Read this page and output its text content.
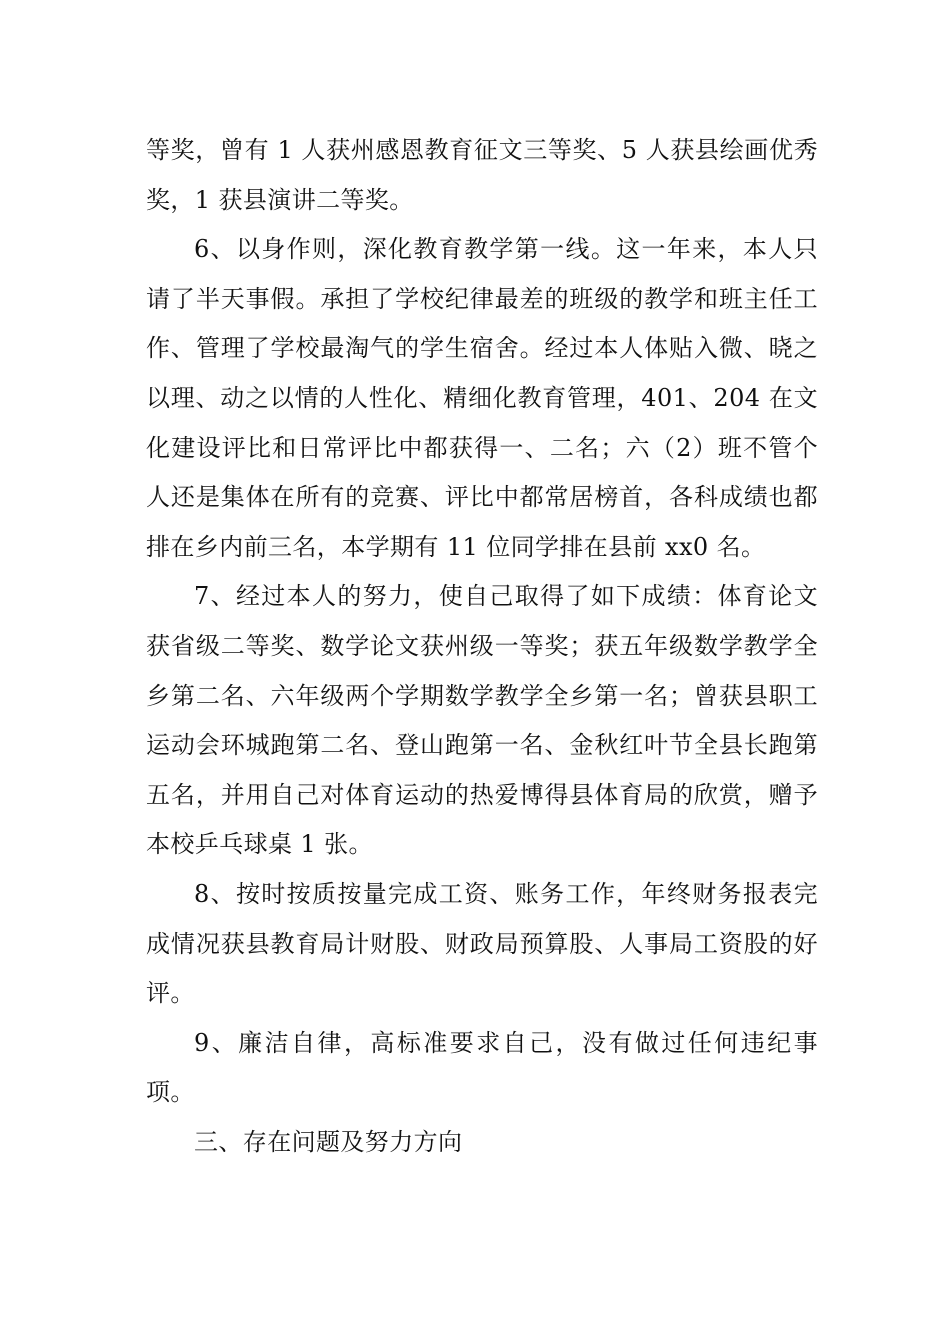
等奖，曾有 1 人获州感恩教育征文三等奖、5 人获县绘画优秀奖，1 获县演讲二等奖。

6、以身作则，深化教育教学第一线。这一年来，本人只请了半天事假。承担了学校纪律最差的班级的教学和班主任工作、管理了学校最淘气的学生宿舍。经过本人体贴入微、晓之以理、动之以情的人性化、精细化教育管理，401、204 在文化建设评比和日常评比中都获得一、二名；六（2）班不管个人还是集体在所有的竞赛、评比中都常居榜首，各科成绩也都排在乡内前三名，本学期有 11 位同学排在县前 xx0 名。

7、经过本人的努力，使自己取得了如下成绩：体育论文获省级二等奖、数学论文获州级一等奖；获五年级数学教学全乡第二名、六年级两个学期数学教学全乡第一名；曾获县职工运动会环城跑第二名、登山跑第一名、金秋红叶节全县长跑第五名，并用自己对体育运动的热爱博得县体育局的欣赏，赠予本校乒乓球桌 1 张。

8、按时按质按量完成工资、账务工作，年终财务报表完成情况获县教育局计财股、财政局预算股、人事局工资股的好评。

9、廉洁自律，高标准要求自己，没有做过任何违纪事项。

三、存在问题及努力方向
